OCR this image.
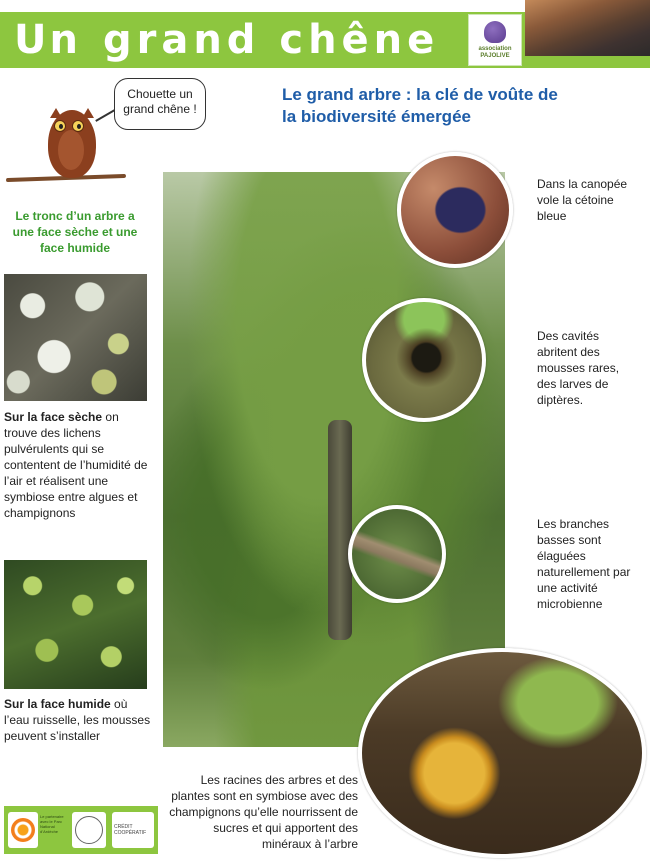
Un grand chêne	association PAJOLIVE
Chouette un grand chêne !
Le grand arbre : la clé de voûte de la biodiversité émergée
Le tronc d’un arbre a une face sèche et une face humide
Sur la face sèche on trouve des lichens pulvérulents qui se contentent de l’humidité de l’air et réalisent une symbiose entre algues et champignons
Sur la face humide où l’eau ruisselle, les mousses peuvent s’installer
Dans la canopée vole la cétoine bleue
Des cavités abritent des mousses rares, des larves de diptères.
Les branches basses sont élaguées naturellement par une activité microbienne
Les racines des arbres et des plantes sont en symbiose avec des champignons qu’elle nourrissent de sucres et qui apportent des minéraux à l’arbre
Le partenaire avec le Parc National d’Ardèche
CRÉDIT COOPÉRATIF
